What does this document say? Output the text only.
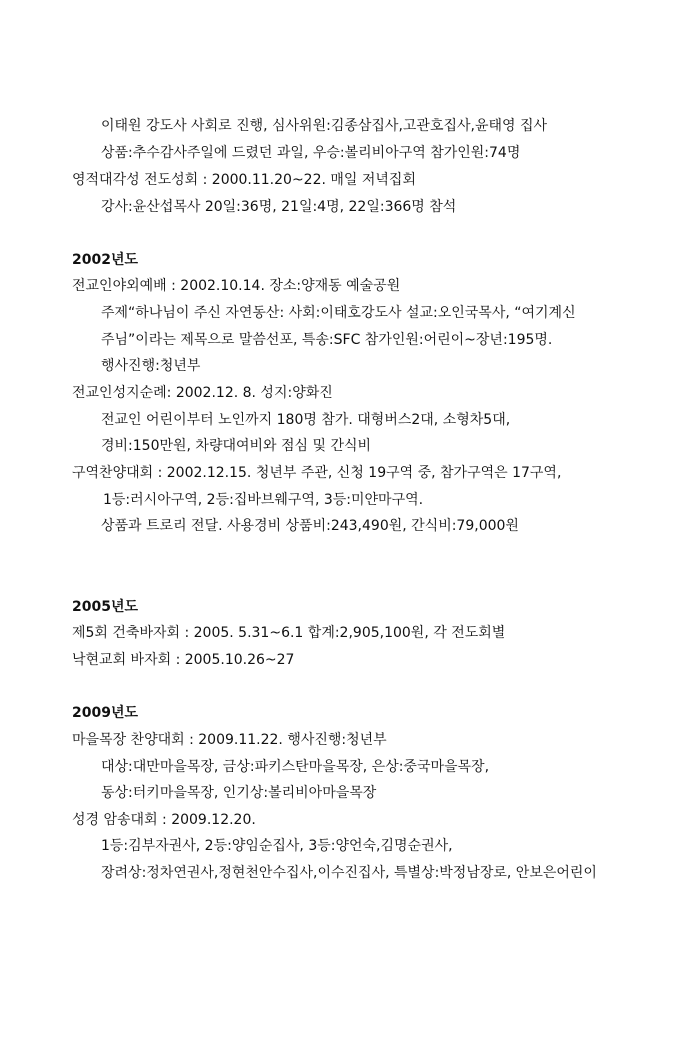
이태원 강도사 사회로 진행, 심사위원:김종삼집사,고관호집사,윤태영 집사
상품:추수감사주일에 드렸던 과일, 우승:볼리비아구역 참가인원:74명
영적대각성 전도성회 : 2000.11.20~22. 매일 저녁집회
강사:윤산섭목사 20일:36명, 21일:4명, 22일:366명 참석
2002년도
전교인야외예배 : 2002.10.14. 장소:양재동 예술공원
주제“하나님이 주신 자연동산: 사회:이태호강도사 설교:오인국목사, “여기계신
주님”이라는 제목으로 말씀선포, 특송:SFC 참가인원:어린이~장년:195명.
행사진행:청년부
전교인성지순례: 2002.12. 8. 성지:양화진
전교인 어린이부터 노인까지 180명 참가. 대형버스2대, 소형차5대,
경비:150만원, 차량대여비와 점심 및 간식비
구역찬양대회 : 2002.12.15. 청년부 주관, 신청 19구역 중, 참가구역은 17구역,
1등:러시아구역, 2등:집바브웨구역, 3등:미얀마구역.
상품과 트로리 전달. 사용경비 상품비:243,490원, 간식비:79,000원
2005년도
제5회 건축바자회 : 2005. 5.31~6.1 합계:2,905,100원, 각 전도회별
낙현교회 바자회 : 2005.10.26~27
2009년도
마을목장 찬양대회 : 2009.11.22. 행사진행:청년부
대상:대만마을목장, 금상:파키스탄마을목장, 은상:중국마을목장,
동상:터키마을목장, 인기상:볼리비아마을목장
성경 암송대회 : 2009.12.20.
1등:김부자권사, 2등:양임순집사, 3등:양언숙,김명순권사,
장려상:정차연권사,정현천안수집사,이수진집사, 특별상:박정남장로, 안보은어린이
